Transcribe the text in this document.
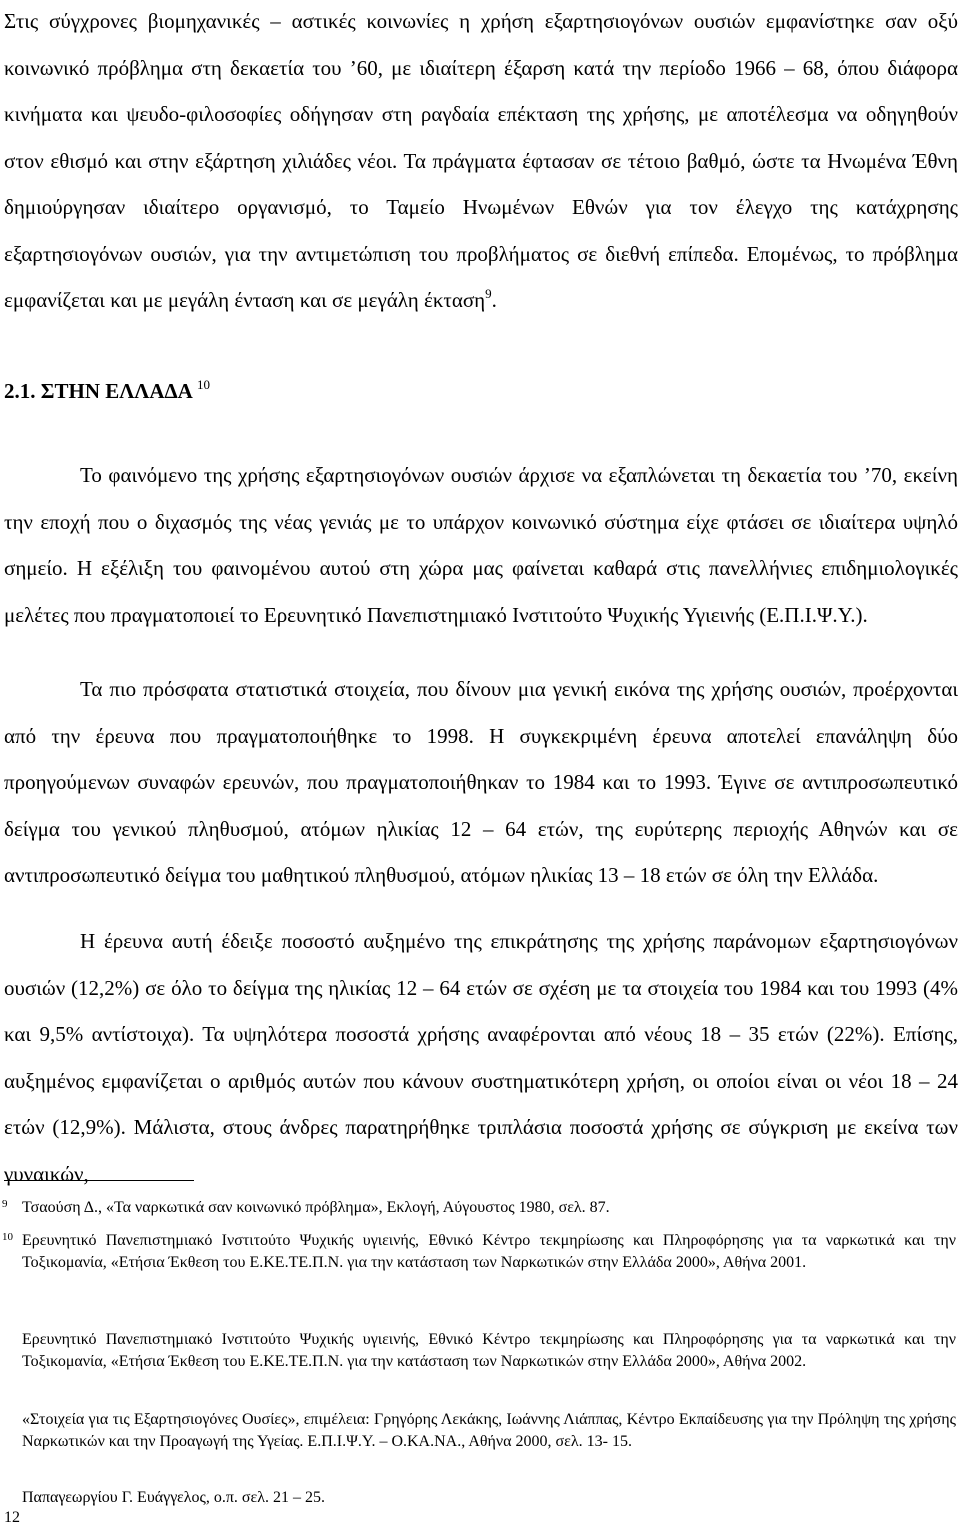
Στις σύγχρονες βιομηχανικές – αστικές κοινωνίες η χρήση εξαρτησιογόνων ουσιών εμφανίστηκε σαν οξύ κοινωνικό πρόβλημα στη δεκαετία του ’60, με ιδιαίτερη έξαρση κατά την περίοδο 1966 – 68, όπου διάφορα κινήματα και ψευδο-φιλοσοφίες οδήγησαν στη ραγδαία επέκταση της χρήσης, με αποτέλεσμα να οδηγηθούν στον εθισμό και στην εξάρτηση χιλιάδες νέοι. Τα πράγματα έφτασαν σε τέτοιο βαθμό, ώστε τα Ηνωμένα Έθνη δημιούργησαν ιδιαίτερο οργανισμό, το Ταμείο Ηνωμένων Εθνών για τον έλεγχο της κατάχρησης εξαρτησιογόνων ουσιών, για την αντιμετώπιση του προβλήματος σε διεθνή επίπεδα. Επομένως, το πρόβλημα εμφανίζεται και με μεγάλη ένταση και σε μεγάλη έκταση$^9$.

2.1. ΣΤΗΝ ΕΛΛΑΔΑ $^{10}$

Το φαινόμενο της χρήσης εξαρτησιογόνων ουσιών άρχισε να εξαπλώνεται τη δεκαετία του ’70, εκείνη την εποχή που ο διχασμός της νέας γενιάς με το υπάρχον κοινωνικό σύστημα είχε φτάσει σε ιδιαίτερα υψηλό σημείο. Η εξέλιξη του φαινομένου αυτού στη χώρα μας φαίνεται καθαρά στις πανελλήνιες επιδημιολογικές μελέτες που πραγματοποιεί το Ερευνητικό Πανεπιστημιακό Ινστιτούτο Ψυχικής Υγιεινής (Ε.Π.Ι.Ψ.Υ.).

Τα πιο πρόσφατα στατιστικά στοιχεία, που δίνουν μια γενική εικόνα της χρήσης ουσιών, προέρχονται από την έρευνα που πραγματοποιήθηκε το 1998. Η συγκεκριμένη έρευνα αποτελεί επανάληψη δύο προηγούμενων συναφών ερευνών, που πραγματοποιήθηκαν το 1984 και το 1993. Έγινε σε αντιπροσωπευτικό δείγμα του γενικού πληθυσμού, ατόμων ηλικίας 12 – 64 ετών, της ευρύτερης περιοχής Αθηνών και σε αντιπροσωπευτικό δείγμα του μαθητικού πληθυσμού, ατόμων ηλικίας 13 – 18 ετών σε όλη την Ελλάδα.

Η έρευνα αυτή έδειξε ποσοστό αυξημένο της επικράτησης της χρήσης παράνομων εξαρτησιογόνων ουσιών (12,2%) σε όλο το δείγμα της ηλικίας 12 – 64 ετών σε σχέση με τα στοιχεία του 1984 και του 1993 (4% και 9,5% αντίστοιχα). Τα υψηλότερα ποσοστά χρήσης αναφέρονται από νέους 18 – 35 ετών (22%). Επίσης, αυξημένος εμφανίζεται ο αριθμός αυτών που κάνουν συστηματικότερη χρήση, οι οποίοι είναι οι νέοι 18 – 24 ετών (12,9%). Μάλιστα, στους άνδρες παρατηρήθηκε τριπλάσια ποσοστά χρήσης σε σύγκριση με εκείνα των γυναικών,

9 Τσαούση Δ., «Τα ναρκωτικά σαν κοινωνικό πρόβλημα», Εκλογή, Αύγουστος 1980, σελ. 87.
10 Ερευνητικό Πανεπιστημιακό Ινστιτούτο Ψυχικής υγιεινής, Εθνικό Κέντρο τεκμηρίωσης και Πληροφόρησης για τα ναρκωτικά και την Τοξικομανία, «Ετήσια Έκθεση του Ε.ΚΕ.ΤΕ.Π.Ν. για την κατάσταση των Ναρκωτικών στην Ελλάδα 2000», Αθήνα 2001.
Ερευνητικό Πανεπιστημιακό Ινστιτούτο Ψυχικής υγιεινής, Εθνικό Κέντρο τεκμηρίωσης και Πληροφόρησης για τα ναρκωτικά και την Τοξικομανία, «Ετήσια Έκθεση του Ε.ΚΕ.ΤΕ.Π.Ν. για την κατάσταση των Ναρκωτικών στην Ελλάδα 2000», Αθήνα 2002.
«Στοιχεία για τις Εξαρτησιογόνες Ουσίες», επιμέλεια: Γρηγόρης Λεκάκης, Ιωάννης Λιάππας, Κέντρο Εκπαίδευσης για την Πρόληψη της χρήσης Ναρκωτικών και την Προαγωγή της Υγείας. Ε.Π.Ι.Ψ.Υ. – Ο.ΚΑ.ΝΑ., Αθήνα 2000, σελ. 13- 15.
Παπαγεωργίου Γ. Ευάγγελος, ο.π. σελ. 21 – 25.

12
